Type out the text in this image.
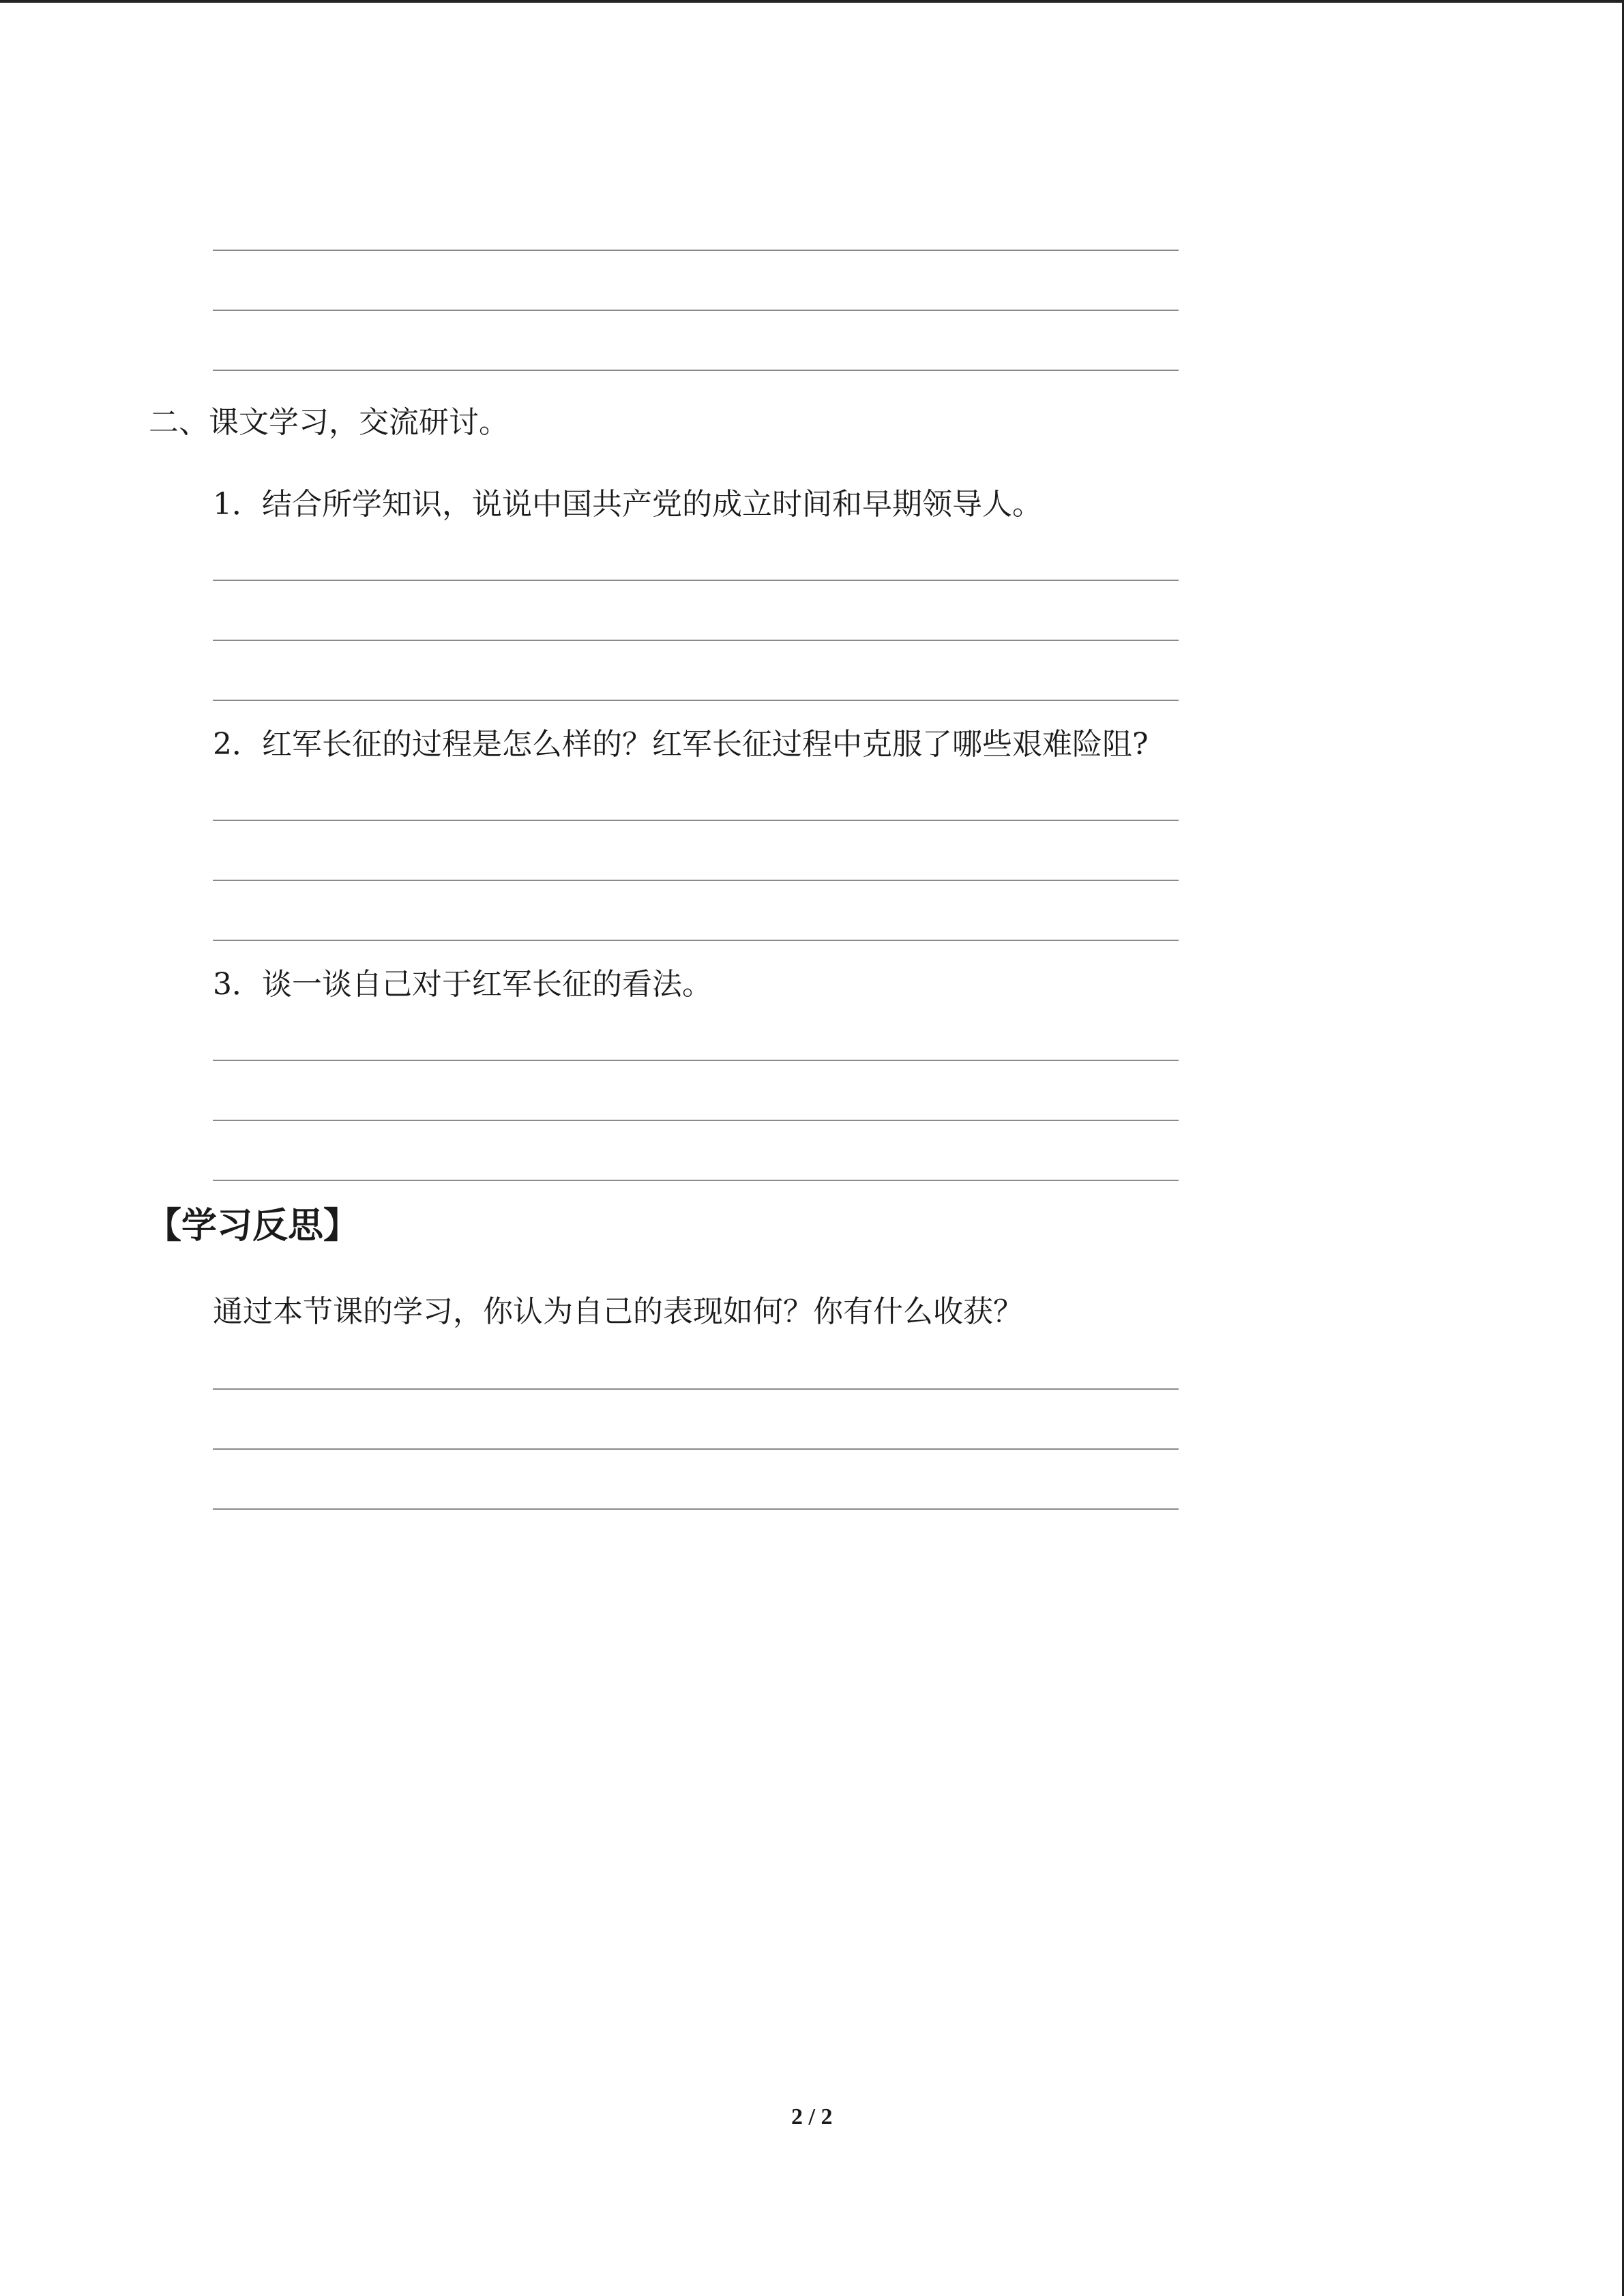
二、课文学习，交流研讨。
1．结合所学知识，说说中国共产党的成立时间和早期领导人。
2．红军长征的过程是怎么样的？红军长征过程中克服了哪些艰难险阻?
3．谈一谈自己对于红军长征的看法。
【学习反思】
通过本节课的学习，你认为自己的表现如何？你有什么收获？
2 / 2
